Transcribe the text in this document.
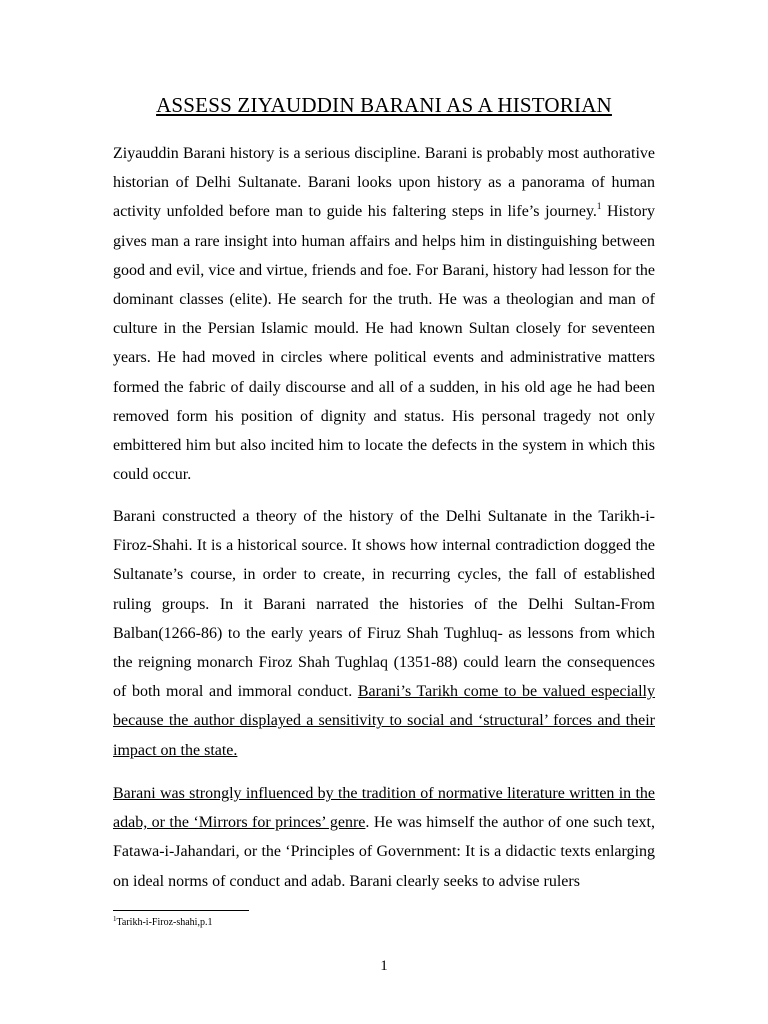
ASSESS ZIYAUDDIN BARANI AS A HISTORIAN

Ziyauddin Barani history is a serious discipline. Barani is probably most authorative historian of Delhi Sultanate. Barani looks upon history as a panorama of human activity unfolded before man to guide his faltering steps in life’s journey.$^1$ History gives man a rare insight into human affairs and helps him in distinguishing between good and evil, vice and virtue, friends and foe. For Barani, history had lesson for the dominant classes (elite). He search for the truth. He was a theologian and man of culture in the Persian Islamic mould. He had known Sultan closely for seventeen years. He had moved in circles where political events and administrative matters formed the fabric of daily discourse and all of a sudden, in his old age he had been removed form his position of dignity and status. His personal tragedy not only embittered him but also incited him to locate the defects in the system in which this could occur.

Barani constructed a theory of the history of the Delhi Sultanate in the Tarikh-i-Firoz-Shahi. It is a historical source. It shows how internal contradiction dogged the Sultanate’s course, in order to create, in recurring cycles, the fall of established ruling groups. In it Barani narrated the histories of the Delhi Sultan-From Balban(1266-86) to the early years of Firuz Shah Tughluq- as lessons from which the reigning monarch Firoz Shah Tughlaq (1351-88) could learn the consequences of both moral and immoral conduct. Barani’s Tarikh come to be valued especially because the author displayed a sensitivity to social and ‘structural’ forces and their impact on the state.

Barani was strongly influenced by the tradition of normative literature written in the adab, or the ‘Mirrors for princes’ genre. He was himself the author of one such text, Fatawa-i-Jahandari, or the ‘Principles of Government: It is a didactic texts enlarging on ideal norms of conduct and adab. Barani clearly seeks to advise rulers

$^1$Tarikh-i-Firoz-shahi,p.1

1
